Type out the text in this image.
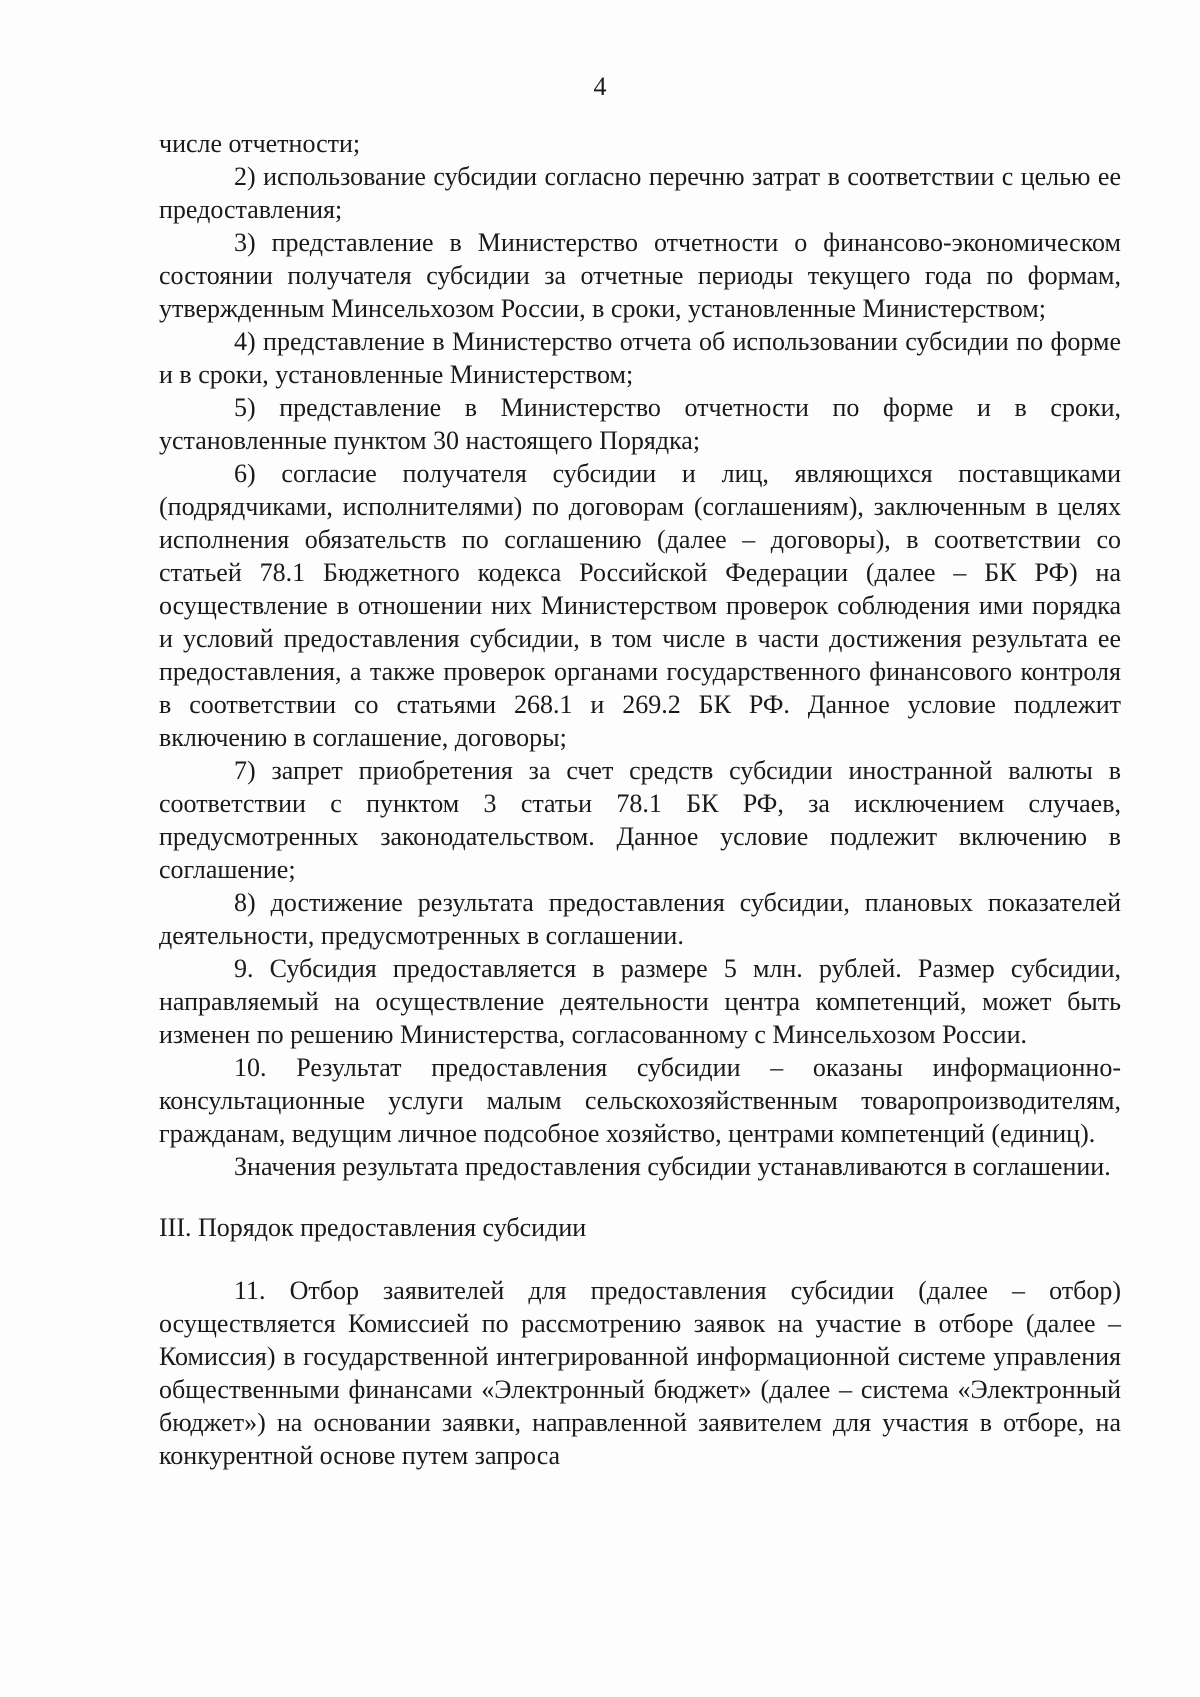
4

числе отчетности;

2) использование субсидии согласно перечню затрат в соответствии с целью ее предоставления;

3) представление в Министерство отчетности о финансово-экономическом состоянии получателя субсидии за отчетные периоды текущего года по формам, утвержденным Минсельхозом России, в сроки, установленные Министерством;

4) представление в Министерство отчета об использовании субсидии по форме и в сроки, установленные Министерством;

5) представление в Министерство отчетности по форме и в сроки, установленные пунктом 30 настоящего Порядка;

6) согласие получателя субсидии и лиц, являющихся поставщиками (подрядчиками, исполнителями) по договорам (соглашениям), заключенным в целях исполнения обязательств по соглашению (далее – договоры), в соответствии со статьей 78.1 Бюджетного кодекса Российской Федерации (далее – БК РФ) на осуществление в отношении них Министерством проверок соблюдения ими порядка и условий предоставления субсидии, в том числе в части достижения результата ее предоставления, а также проверок органами государственного финансового контроля в соответствии со статьями 268.1 и 269.2 БК РФ. Данное условие подлежит включению в соглашение, договоры;

7) запрет приобретения за счет средств субсидии иностранной валюты в соответствии с пунктом 3 статьи 78.1 БК РФ, за исключением случаев, предусмотренных законодательством. Данное условие подлежит включению в соглашение;

8) достижение результата предоставления субсидии, плановых показателей деятельности, предусмотренных в соглашении.

9. Субсидия предоставляется в размере 5 млн. рублей. Размер субсидии, направляемый на осуществление деятельности центра компетенций, может быть изменен по решению Министерства, согласованному с Минсельхозом России.

10. Результат предоставления субсидии – оказаны информационно-консультационные услуги малым сельскохозяйственным товаропроизводителям, гражданам, ведущим личное подсобное хозяйство, центрами компетенций (единиц).

Значения результата предоставления субсидии устанавливаются в соглашении.

III. Порядок предоставления субсидии

11. Отбор заявителей для предоставления субсидии (далее – отбор) осуществляется Комиссией по рассмотрению заявок на участие в отборе (далее – Комиссия) в государственной интегрированной информационной системе управления общественными финансами «Электронный бюджет» (далее – система «Электронный бюджет») на основании заявки, направленной заявителем для участия в отборе, на конкурентной основе путем запроса
